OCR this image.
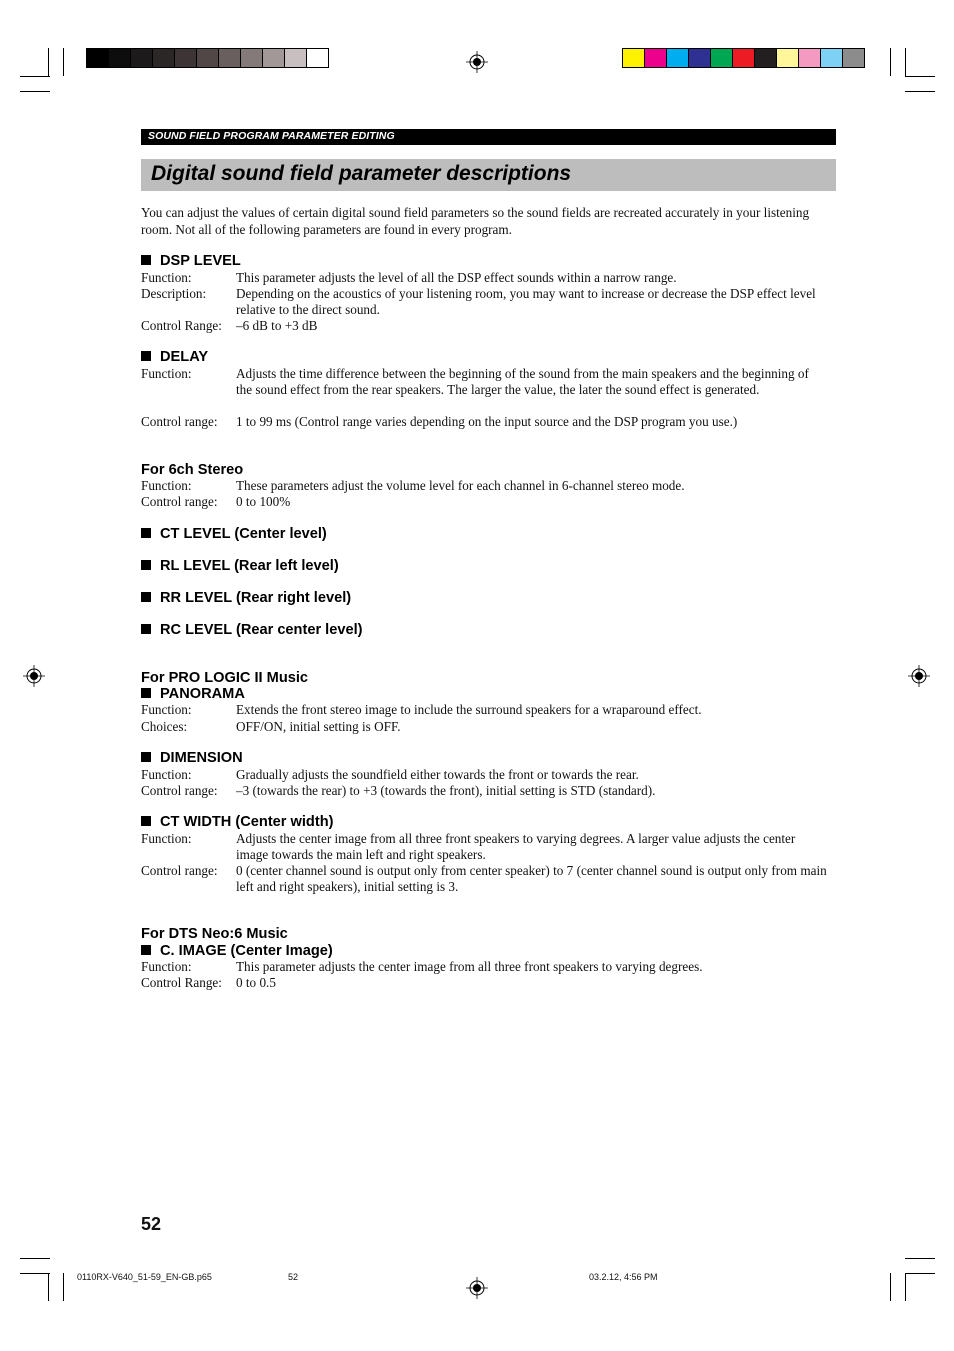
SOUND FIELD PROGRAM PARAMETER EDITING
Digital sound field parameter descriptions
You can adjust the values of certain digital sound field parameters so the sound fields are recreated accurately in your listening room. Not all of the following parameters are found in every program.
DSP LEVEL
Function:	This parameter adjusts the level of all the DSP effect sounds within a narrow range.
Description: Depending on the acoustics of your listening room, you may want to increase or decrease the DSP effect level relative to the direct sound.
Control Range: –6 dB to +3 dB
DELAY
Function:	Adjusts the time difference between the beginning of the sound from the main speakers and the beginning of the sound effect from the rear speakers. The larger the value, the later the sound effect is generated.
Control range: 1 to 99 ms (Control range varies depending on the input source and the DSP program you use.)
For 6ch Stereo
Function:	These parameters adjust the volume level for each channel in 6-channel stereo mode.
Control range: 0 to 100%
CT LEVEL (Center level)
RL LEVEL (Rear left level)
RR LEVEL (Rear right level)
RC LEVEL (Rear center level)
For PRO LOGIC II Music
PANORAMA
Function:	Extends the front stereo image to include the surround speakers for a wraparound effect.
Choices:	OFF/ON, initial setting is OFF.
DIMENSION
Function:	Gradually adjusts the soundfield either towards the front or towards the rear.
Control range: –3 (towards the rear) to +3 (towards the front), initial setting is STD (standard).
CT WIDTH (Center width)
Function:	Adjusts the center image from all three front speakers to varying degrees. A larger value adjusts the center image towards the main left and right speakers.
Control range: 0 (center channel sound is output only from center speaker) to 7 (center channel sound is output only from main left and right speakers), initial setting is 3.
For DTS Neo:6 Music
C. IMAGE (Center Image)
Function:	This parameter adjusts the center image from all three front speakers to varying degrees.
Control Range: 0 to 0.5
52
0110RX-V640_51-59_EN-GB.p65	52	03.2.12, 4:56 PM
